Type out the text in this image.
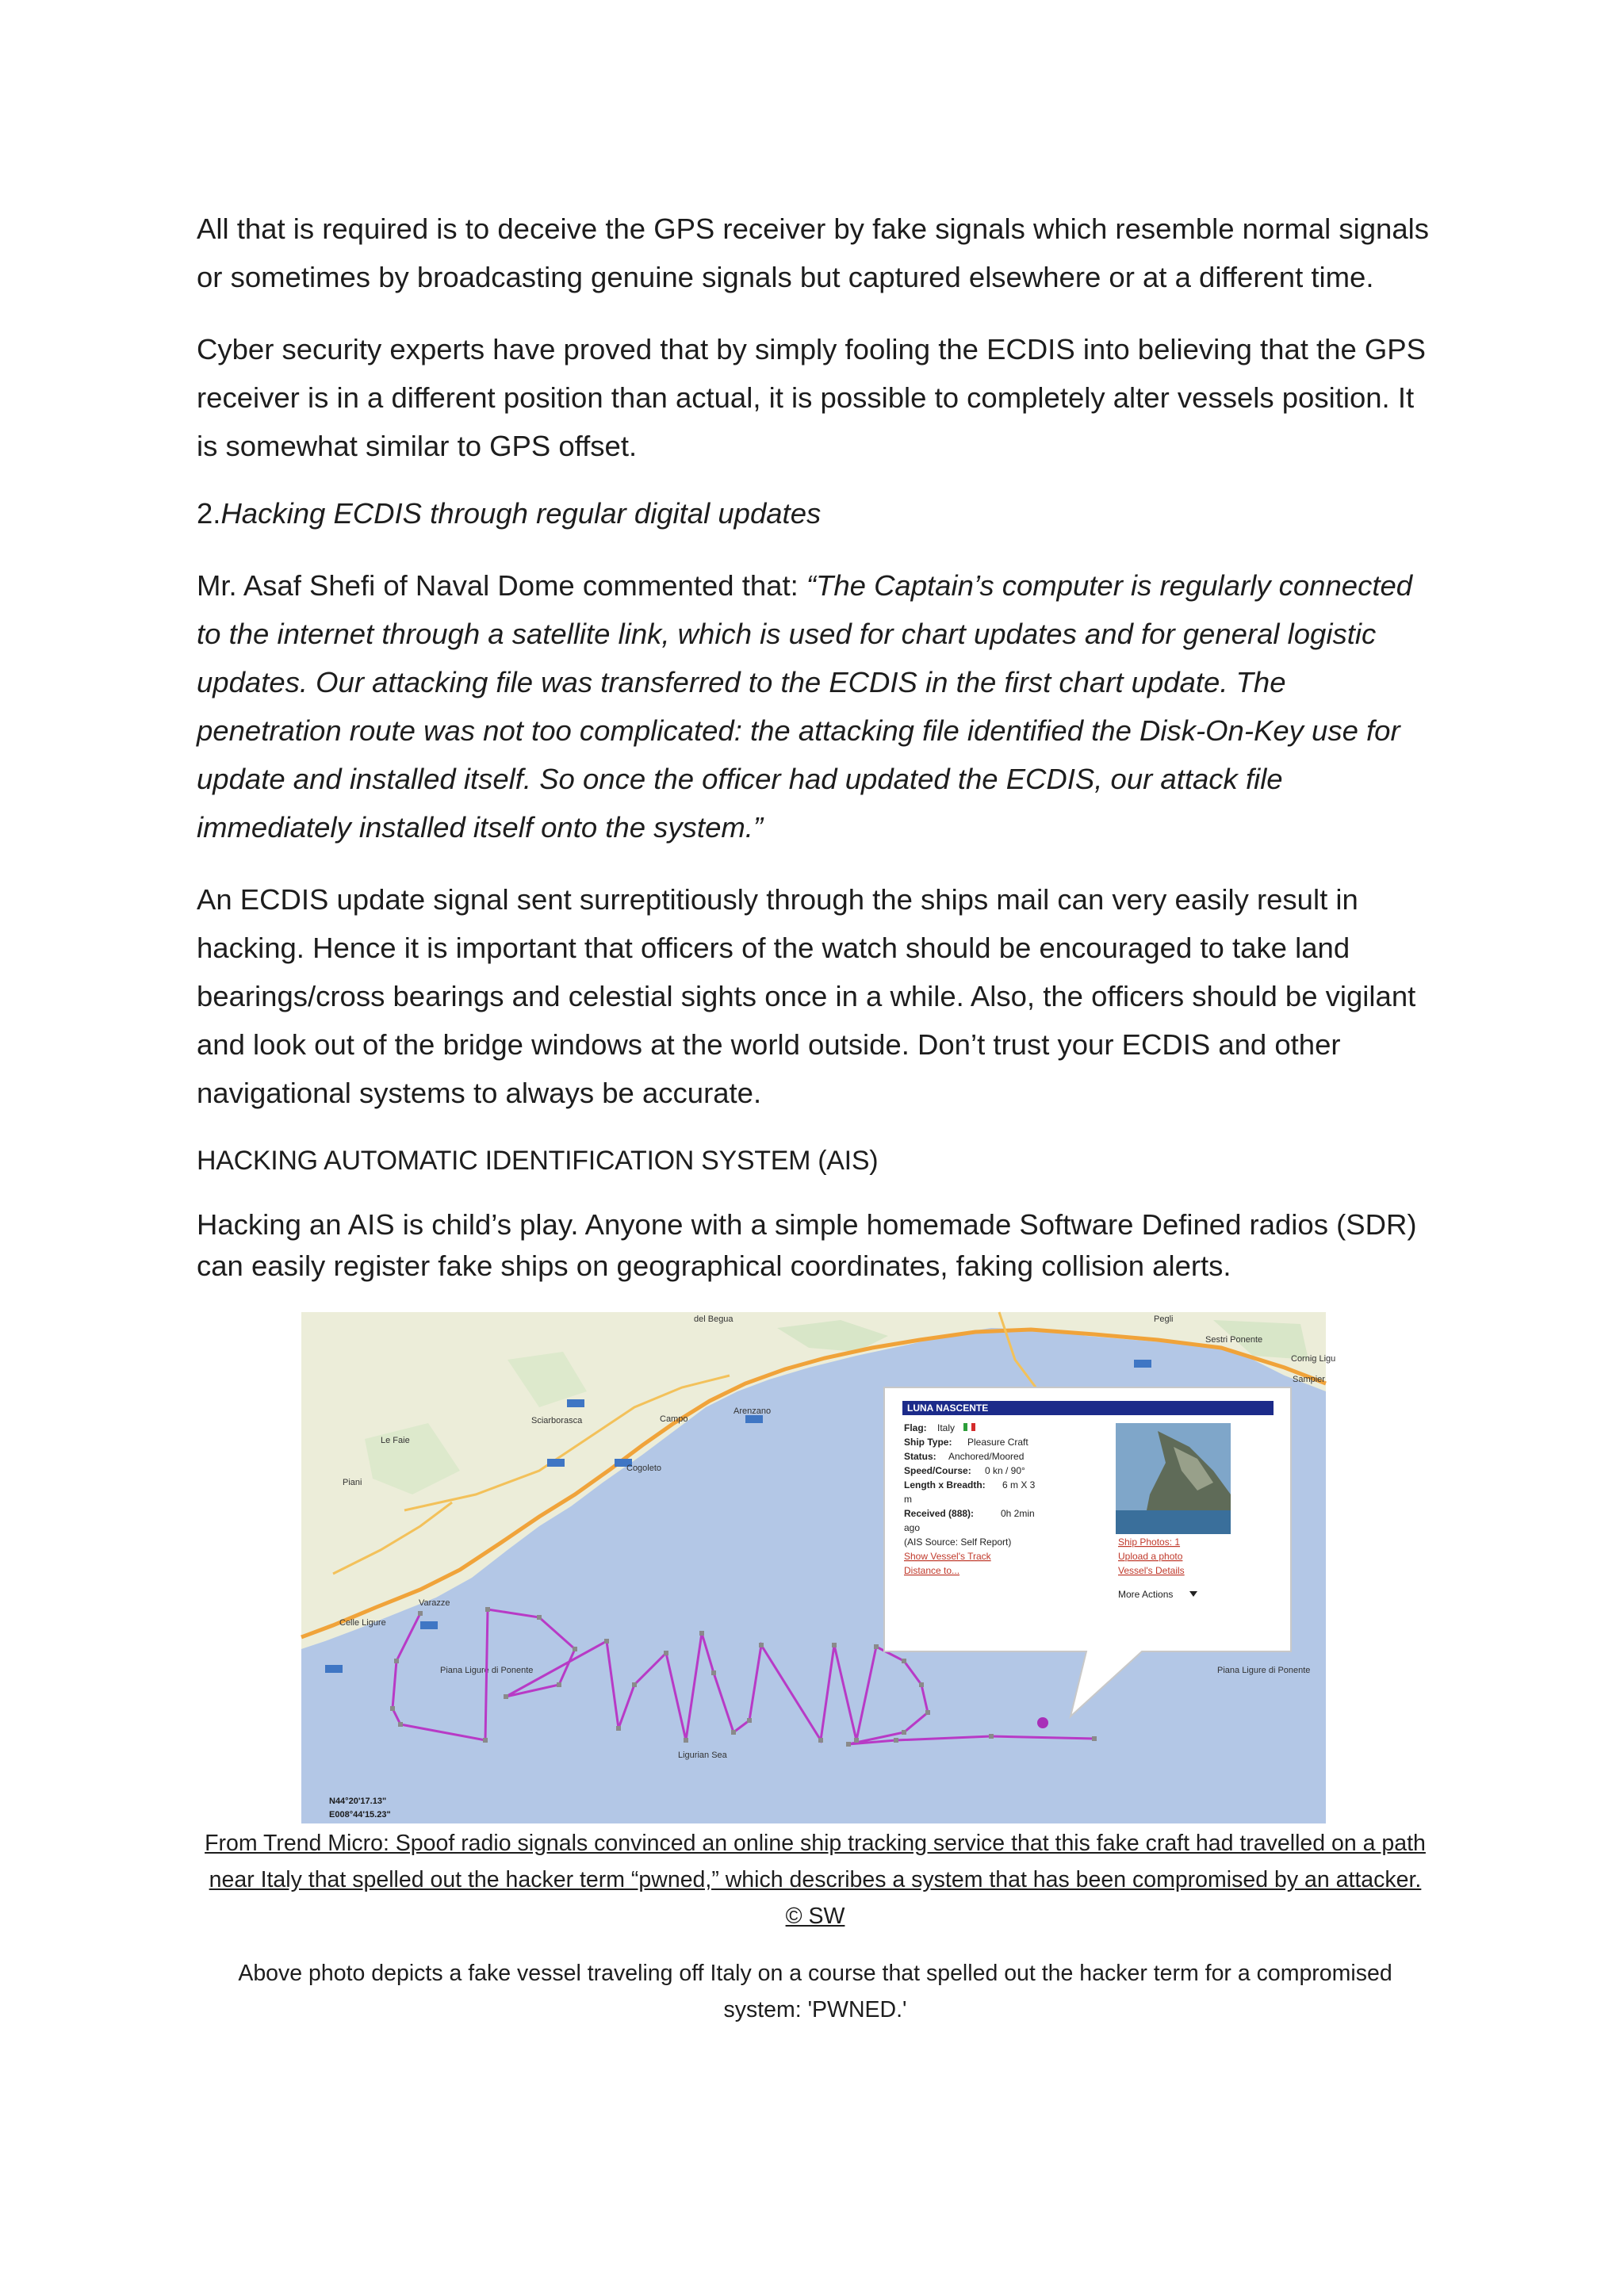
All that is required is to deceive the GPS receiver by fake signals which resemble normal signals or sometimes by broadcasting genuine signals but captured elsewhere or at a different time.

Cyber security experts have proved that by simply fooling the ECDIS into believing that the GPS receiver is in a different position than actual, it is possible to completely alter vessels position. It is somewhat similar to GPS offset.

2.Hacking ECDIS through regular digital updates

Mr. Asaf Shefi of Naval Dome commented that: “The Captain’s computer is regularly connected to the internet through a satellite link, which is used for chart updates and for general logistic updates. Our attacking file was transferred to the ECDIS in the first chart update. The penetration route was not too complicated: the attacking file identified the Disk-On-Key use for update and installed itself. So once the officer had updated the ECDIS, our attack file immediately installed itself onto the system.”

An ECDIS update signal sent surreptitiously through the ships mail can very easily result in hacking. Hence it is important that officers of the watch should be encouraged to take land bearings/cross bearings and celestial sights once in a while. Also, the officers should be vigilant and look out of the bridge windows at the world outside. Don’t trust your ECDIS and other navigational systems to always be accurate.

HACKING AUTOMATIC IDENTIFICATION SYSTEM (AIS)

Hacking an AIS is child’s play. Anyone with a simple homemade Software Defined radios (SDR) can easily register fake ships on geographical coordinates, faking collision alerts.

del Begua	Pegli
Sestri Ponente
Cornig Ligu
Sampier
Sciarborasca	Campo
Arenzano
Le Faie
Piani
Cogoleto
Varazze
Celle Ligure
Ligurian Sea
Piana Ligure di Ponente	Piana Ligure di Ponente
LUNA NASCENTE
Flag: Italy
Ship Type: Pleasure Craft
Status: Anchored/Moored
Speed/Course: 0 kn / 90°
Length x Breadth: 6 m X 3
m
Received (888):	0h 2min
ago
(AIS Source: Self Report)
Show Vessel's Track
Distance to...
Ship Photos: 1
Upload a photo
Vessel's Details
More Actions
N44°20'17.13"
E008°44'15.23"

From Trend Micro: Spoof radio signals convinced an online ship tracking service that this fake craft had travelled on a path near Italy that spelled out the hacker term “pwned,” which describes a system that has been compromised by an attacker. © SW

Above photo depicts a fake vessel traveling off Italy on a course that spelled out the hacker term for a compromised system: 'PWNED.'
